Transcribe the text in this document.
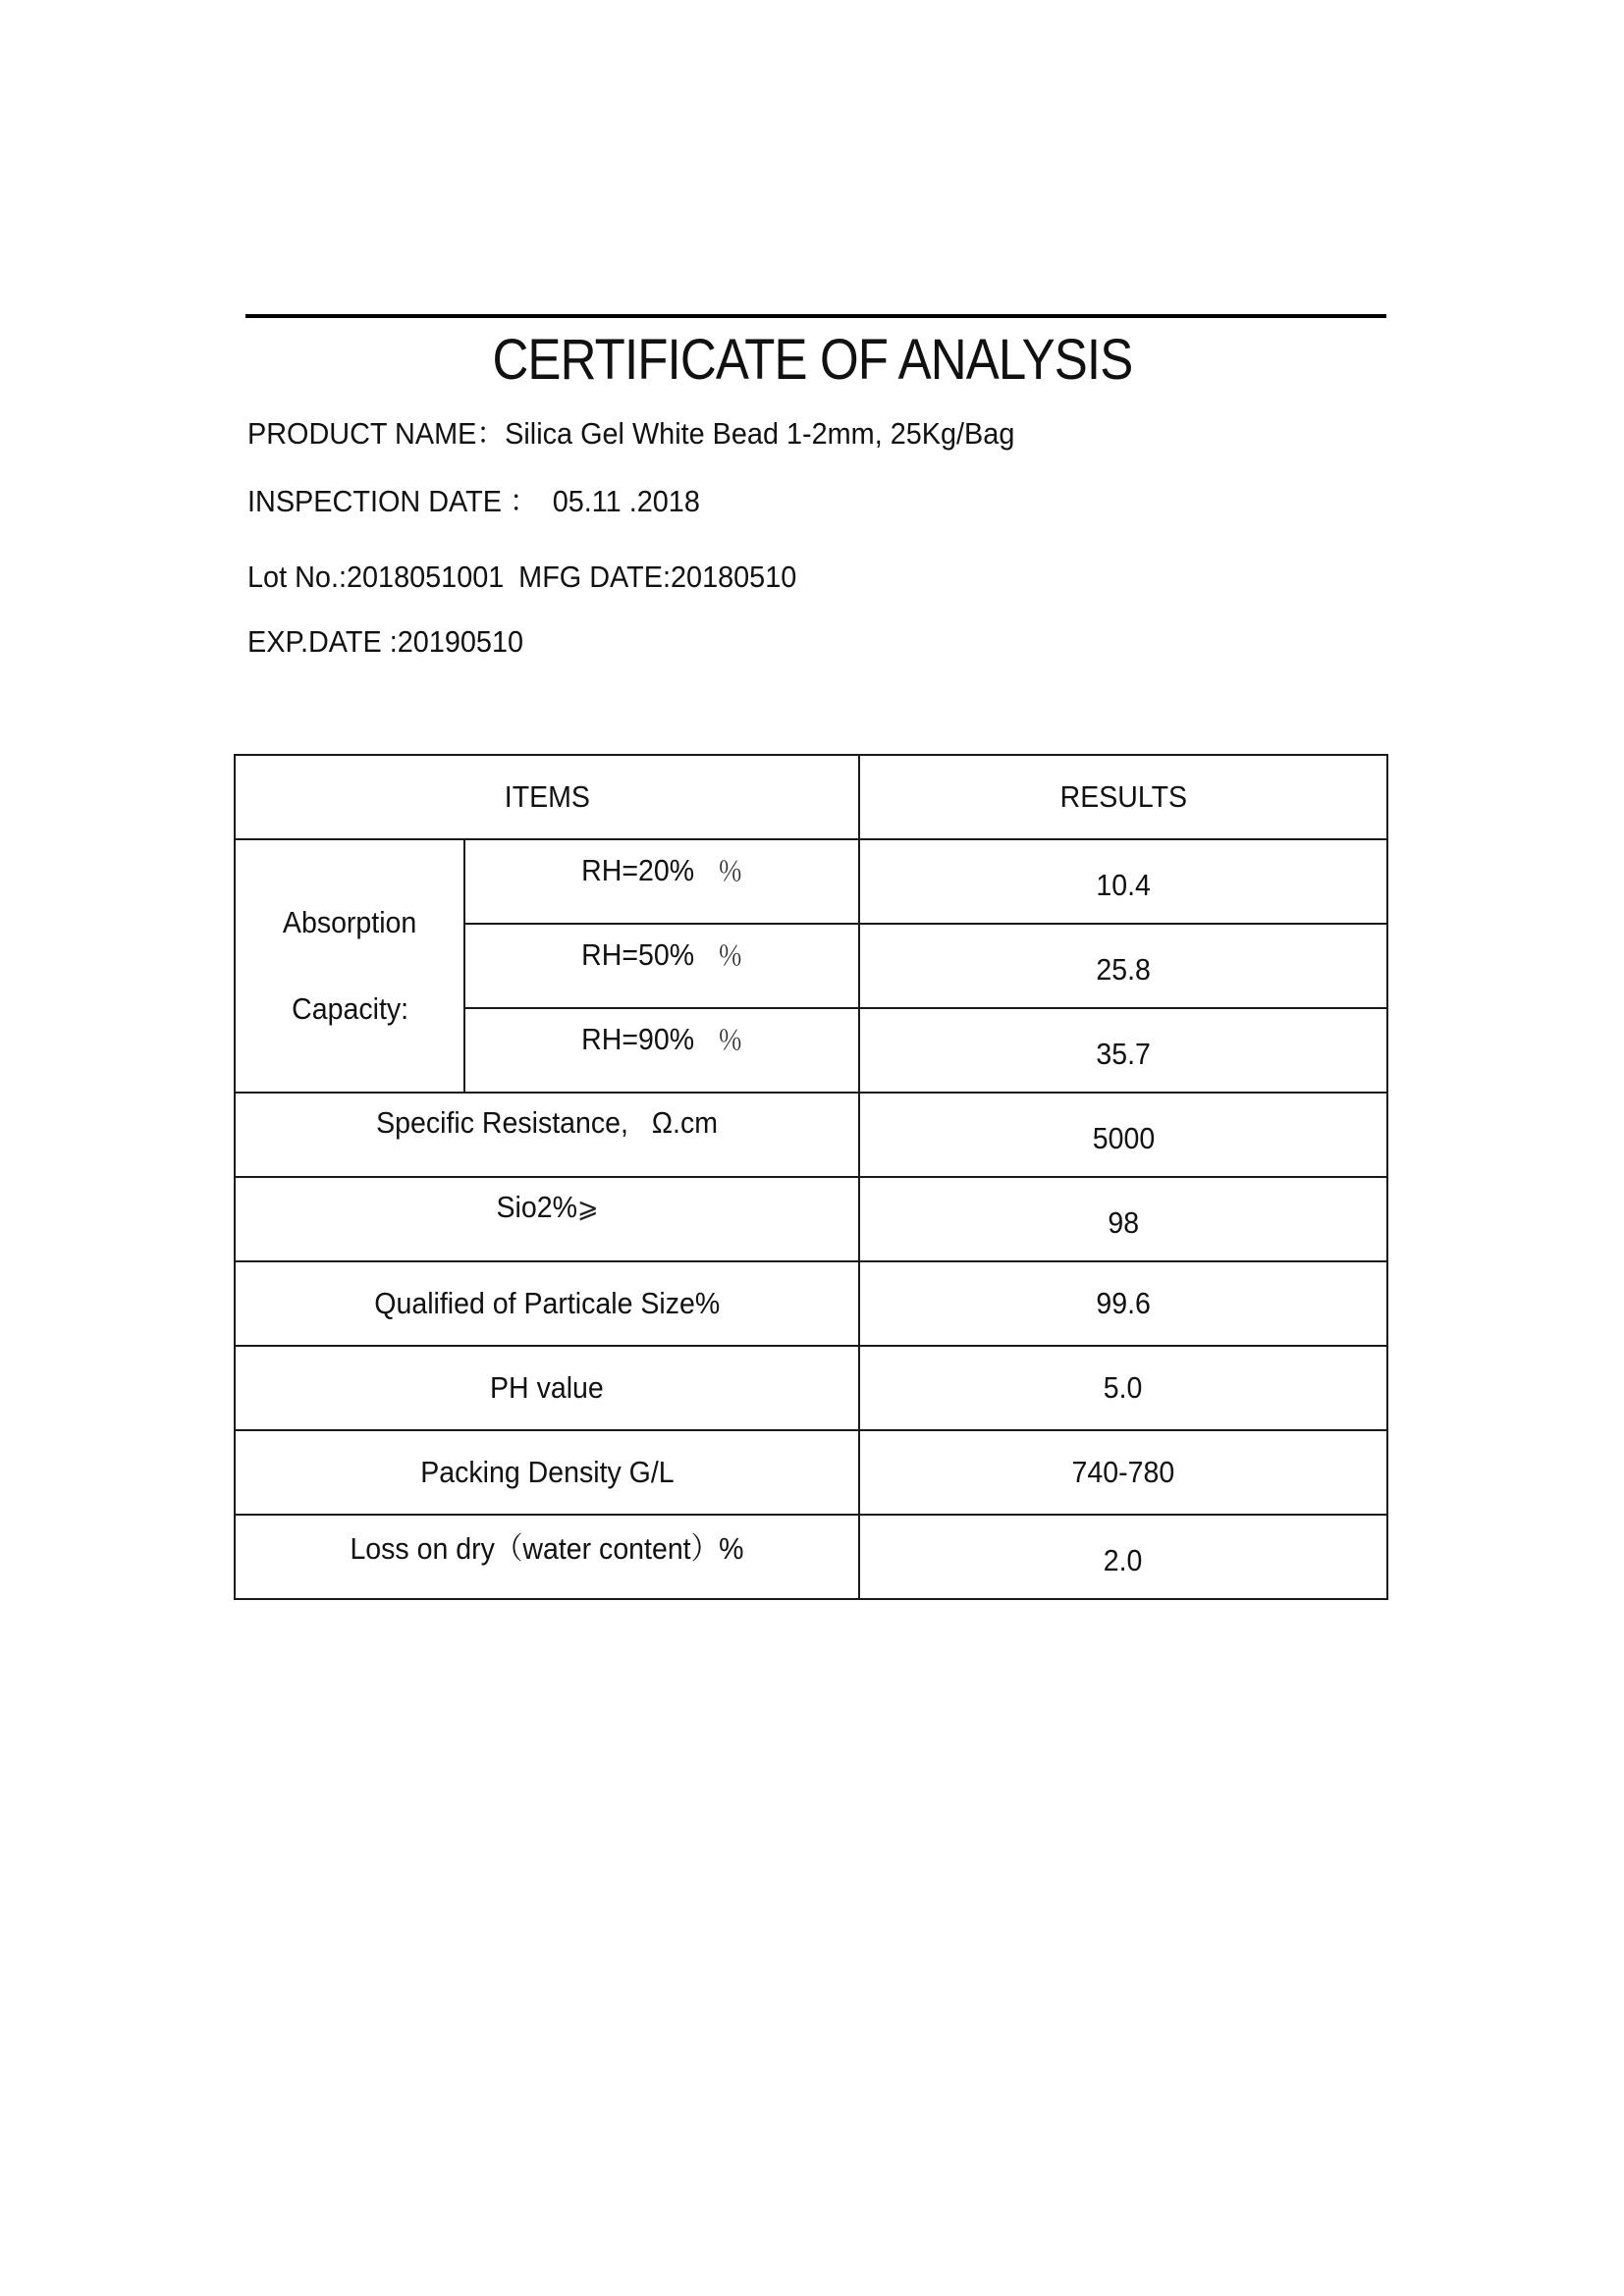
CERTIFICATE OF ANALYSIS
PRODUCT NAME：Silica Gel White Bead 1-2mm, 25Kg/Bag
INSPECTION DATE ： 05.11 .2018
Lot No.:2018051001 MFG DATE:20180510
EXP.DATE :20190510
ITEMS		RESULTS

Absorption
Capacity:	RH=20% ％	10.4
	RH=50% ％	25.8
	RH=90% ％	35.7
Specific Resistance, Ω.cm		5000
Sio2%⩾		98
Qualified of Particale Size%		99.6
PH value		5.0
Packing Density G/L		740-780
Loss on dry（water content）%		2.0
